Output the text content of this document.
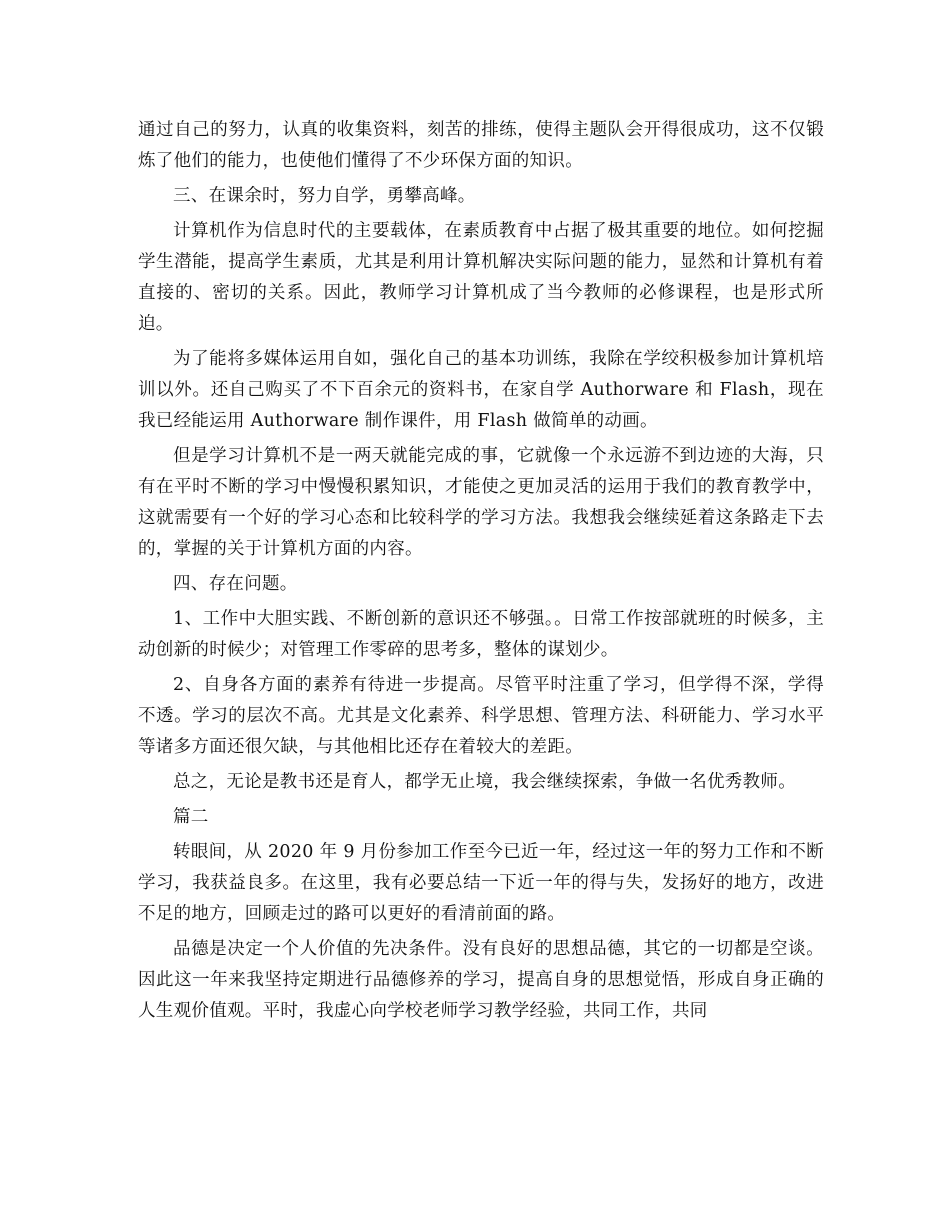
通过自己的努力，认真的收集资料，刻苦的排练，使得主题队会开得很成功，这不仅锻炼了他们的能力，也使他们懂得了不少环保方面的知识。

三、在课余时，努力自学，勇攀高峰。

计算机作为信息时代的主要载体，在素质教育中占据了极其重要的地位。如何挖掘学生潜能，提高学生素质，尤其是利用计算机解决实际问题的能力，显然和计算机有着直接的、密切的关系。因此，教师学习计算机成了当今教师的必修课程，也是形式所迫。

为了能将多媒体运用自如，强化自己的基本功训练，我除在学绞积极参加计算机培训以外。还自己购买了不下百余元的资料书，在家自学 Authorware 和 Flash，现在我已经能运用 Authorware 制作课件，用 Flash 做简单的动画。

但是学习计算机不是一两天就能完成的事，它就像一个永远游不到边迹的大海，只有在平时不断的学习中慢慢积累知识，才能使之更加灵活的运用于我们的教育教学中，这就需要有一个好的学习心态和比较科学的学习方法。我想我会继续延着这条路走下去的，掌握的关于计算机方面的内容。

四、存在问题。

1、工作中大胆实践、不断创新的意识还不够强。。日常工作按部就班的时候多，主动创新的时候少；对管理工作零碎的思考多，整体的谋划少。

2、自身各方面的素养有待进一步提高。尽管平时注重了学习，但学得不深，学得不透。学习的层次不高。尤其是文化素养、科学思想、管理方法、科研能力、学习水平等诸多方面还很欠缺，与其他相比还存在着较大的差距。

总之，无论是教书还是育人，都学无止境，我会继续探索，争做一名优秀教师。

篇二

转眼间，从 2020 年 9 月份参加工作至今已近一年，经过这一年的努力工作和不断学习，我获益良多。在这里，我有必要总结一下近一年的得与失，发扬好的地方，改进不足的地方，回顾走过的路可以更好的看清前面的路。

品德是决定一个人价值的先决条件。没有良好的思想品德，其它的一切都是空谈。因此这一年来我坚持定期进行品德修养的学习，提高自身的思想觉悟，形成自身正确的人生观价值观。平时，我虚心向学校老师学习教学经验，共同工作，共同
